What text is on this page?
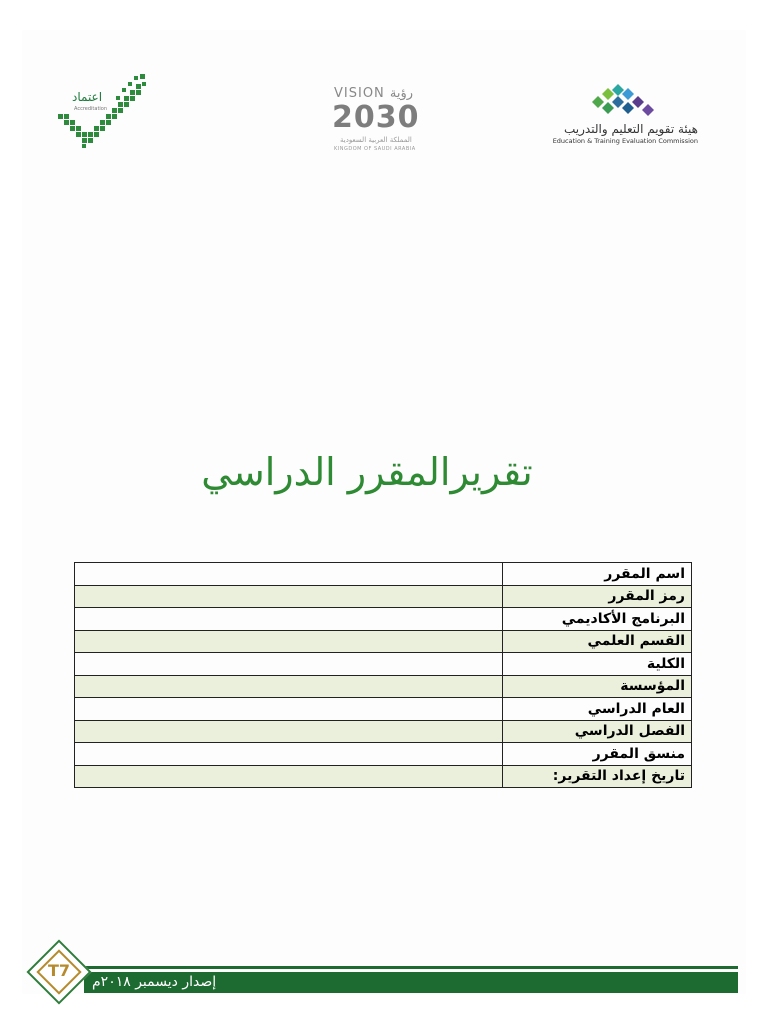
اعتماد
Accreditation
VISION رؤية
2030
المملكة العربية السعودية
KINGDOM OF SAUDI ARABIA
هيئة تقويم التعليم والتدريب
Education & Training Evaluation Commission
تقريرالمقرر الدراسي
اسم المقرر	
رمز المقرر	
البرنامج الأكاديمي	
القسم العلمي	
الكلية	
المؤسسة	
العام الدراسي	
الفصل الدراسي	
منسق المقرر	
تاريخ إعداد التقرير:	
إصدار ديسمبر ٢٠١٨م
T7
